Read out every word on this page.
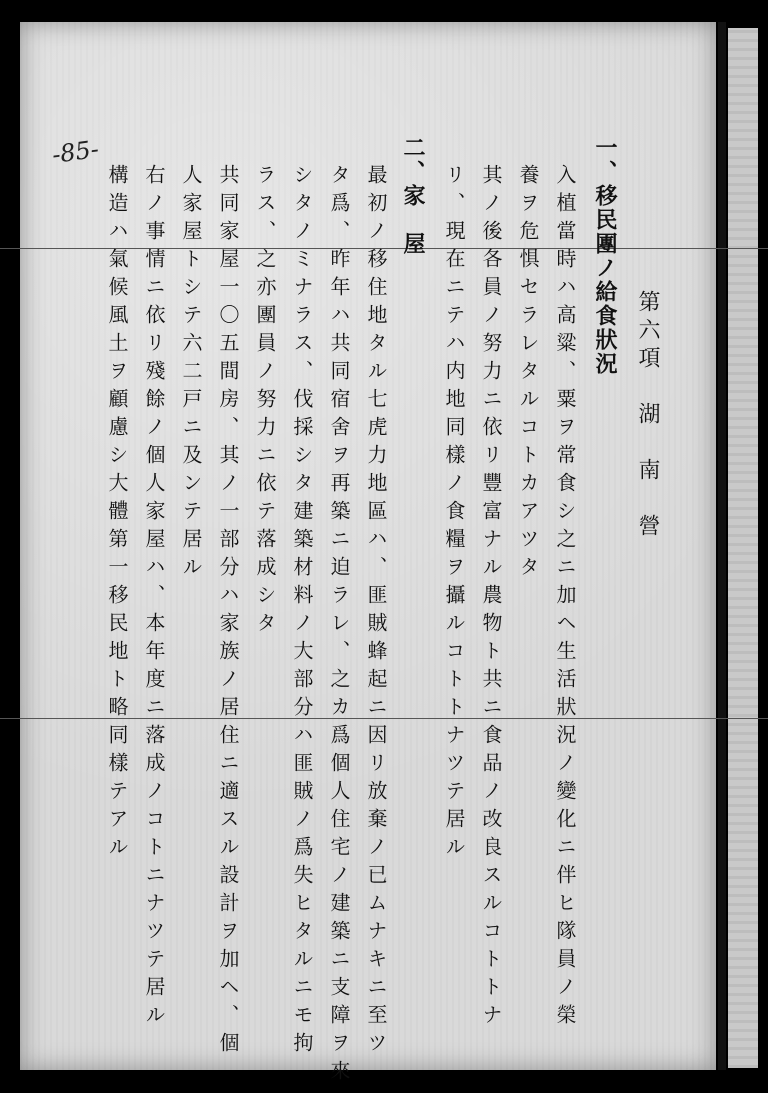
-85-
第六項　湖　南　營
一、移民團ノ給食狀況
入植當時ハ高粱、粟ヲ常食シ之ニ加ヘ生活狀況ノ變化ニ伴ヒ隊員ノ榮
養ヲ危惧セラレタルコトカアツタ
其ノ後各員ノ努力ニ依リ豐富ナル農物ト共ニ食品ノ改良スルコトトナ
リ、現在ニテハ内地同樣ノ食糧ヲ攝ルコトトナツテ居ル
二、家　屋
最初ノ移住地タル七虎力地區ハ、匪賊蜂起ニ因リ放棄ノ已ムナキニ至ツ
タ爲、昨年ハ共同宿舍ヲ再築ニ迫ラレ、之カ爲個人住宅ノ建築ニ支障ヲ來
シタノミナラス、伐採シタ建築材料ノ大部分ハ匪賊ノ爲失ヒタルニモ拘
ラス、之亦團員ノ努力ニ依テ落成シタ
共同家屋一〇五間房、其ノ一部分ハ家族ノ居住ニ適スル設計ヲ加ヘ、個
人家屋トシテ六二戸ニ及ンテ居ル
右ノ事情ニ依リ殘餘ノ個人家屋ハ、本年度ニ落成ノコトニナツテ居ル
構造ハ氣候風土ヲ顧慮シ大體第一移民地ト略同樣テアル
